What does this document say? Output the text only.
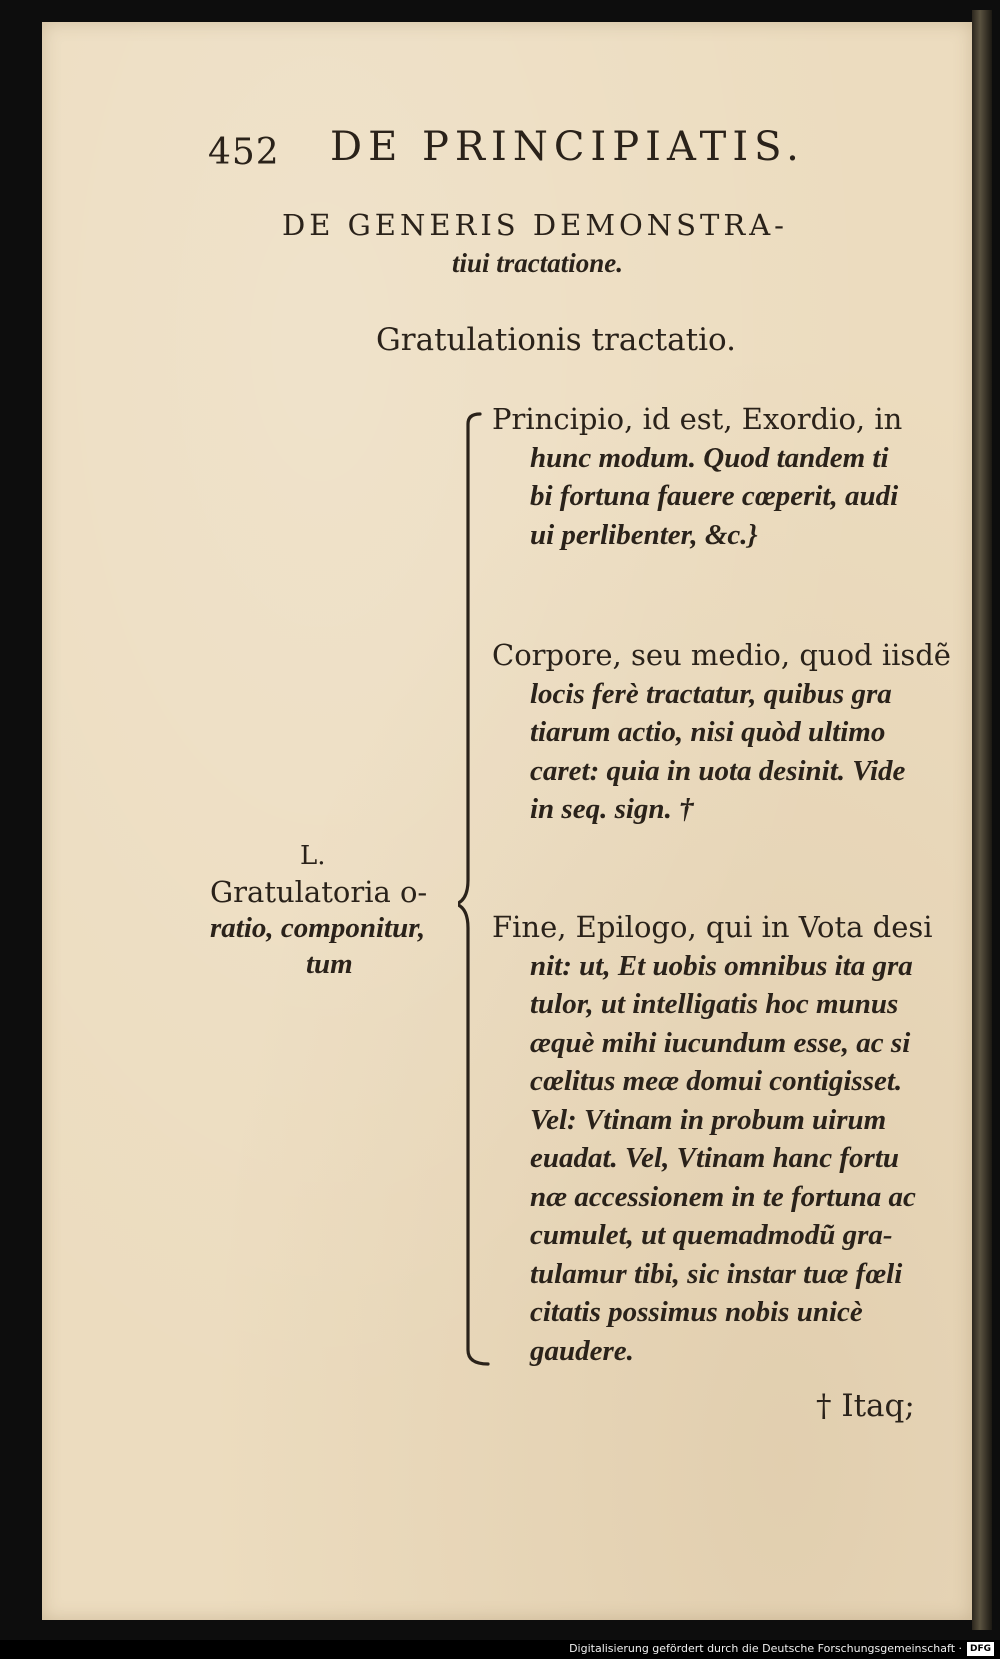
452 DE PRINCIPIATIS.
DE GENERIS DEMONSTRA-
tiui tractatione.
Gratulationis tractatio.
L.
Gratulatoria o-
ratio, componitur,
tum
Principio, id est, Exordio, in
hunc modum. Quod tandem ti
bi fortuna fauere cœperit, audi
ui perlibenter, &c.}
Corpore, seu medio, quod iisdẽ
locis ferè tractatur, quibus gra
tiarum actio, nisi quòd ultimo
caret: quia in uota desinit. Vide
in seq. sign. †
Fine, Epilogo, qui in Vota desi
nit: ut, Et uobis omnibus ita gra
tulor, ut intelligatis hoc munus
æquè mihi iucundum esse, ac si
cœlitus meæ domui contigisset.
Vel: Vtinam in probum uirum
euadat. Vel, Vtinam hanc fortu
næ accessionem in te fortuna ac
cumulet, ut quemadmodũ gra-
tulamur tibi, sic instar tuæ fœli
citatis possimus nobis unicè
gaudere.
† Itaq;
Digitalisierung gefördert durch die Deutsche Forschungsgemeinschaft · DFG
